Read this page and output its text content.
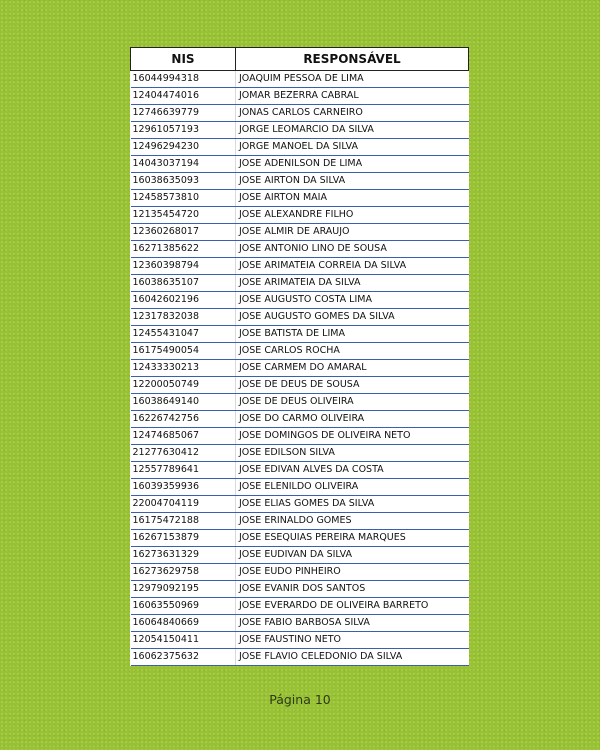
NIS	RESPONSÁVEL
16044994318	JOAQUIM PESSOA DE LIMA
12404474016	JOMAR BEZERRA CABRAL
12746639779	JONAS CARLOS CARNEIRO
12961057193	JORGE LEOMARCIO DA SILVA
12496294230	JORGE MANOEL DA SILVA
14043037194	JOSE ADENILSON DE LIMA
16038635093	JOSE AIRTON DA SILVA
12458573810	JOSE AIRTON MAIA
12135454720	JOSE ALEXANDRE FILHO
12360268017	JOSE ALMIR DE ARAUJO
16271385622	JOSE ANTONIO LINO DE SOUSA
12360398794	JOSE ARIMATEIA CORREIA DA SILVA
16038635107	JOSE ARIMATEIA DA SILVA
16042602196	JOSE AUGUSTO COSTA LIMA
12317832038	JOSE AUGUSTO GOMES DA SILVA
12455431047	JOSE BATISTA DE LIMA
16175490054	JOSE CARLOS ROCHA
12433330213	JOSE CARMEM DO AMARAL
12200050749	JOSE DE DEUS DE SOUSA
16038649140	JOSE DE DEUS OLIVEIRA
16226742756	JOSE DO CARMO OLIVEIRA
12474685067	JOSE DOMINGOS DE OLIVEIRA NETO
21277630412	JOSE EDILSON SILVA
12557789641	JOSE EDIVAN ALVES DA COSTA
16039359936	JOSE ELENILDO OLIVEIRA
22004704119	JOSE ELIAS GOMES DA SILVA
16175472188	JOSE ERINALDO GOMES
16267153879	JOSE ESEQUIAS PEREIRA MARQUES
16273631329	JOSE EUDIVAN DA SILVA
16273629758	JOSE EUDO PINHEIRO
12979092195	JOSE EVANIR DOS SANTOS
16063550969	JOSE EVERARDO DE OLIVEIRA BARRETO
16064840669	JOSE FABIO BARBOSA SILVA
12054150411	JOSE FAUSTINO NETO
16062375632	JOSE FLAVIO CELEDONIO DA SILVA
Página 10
